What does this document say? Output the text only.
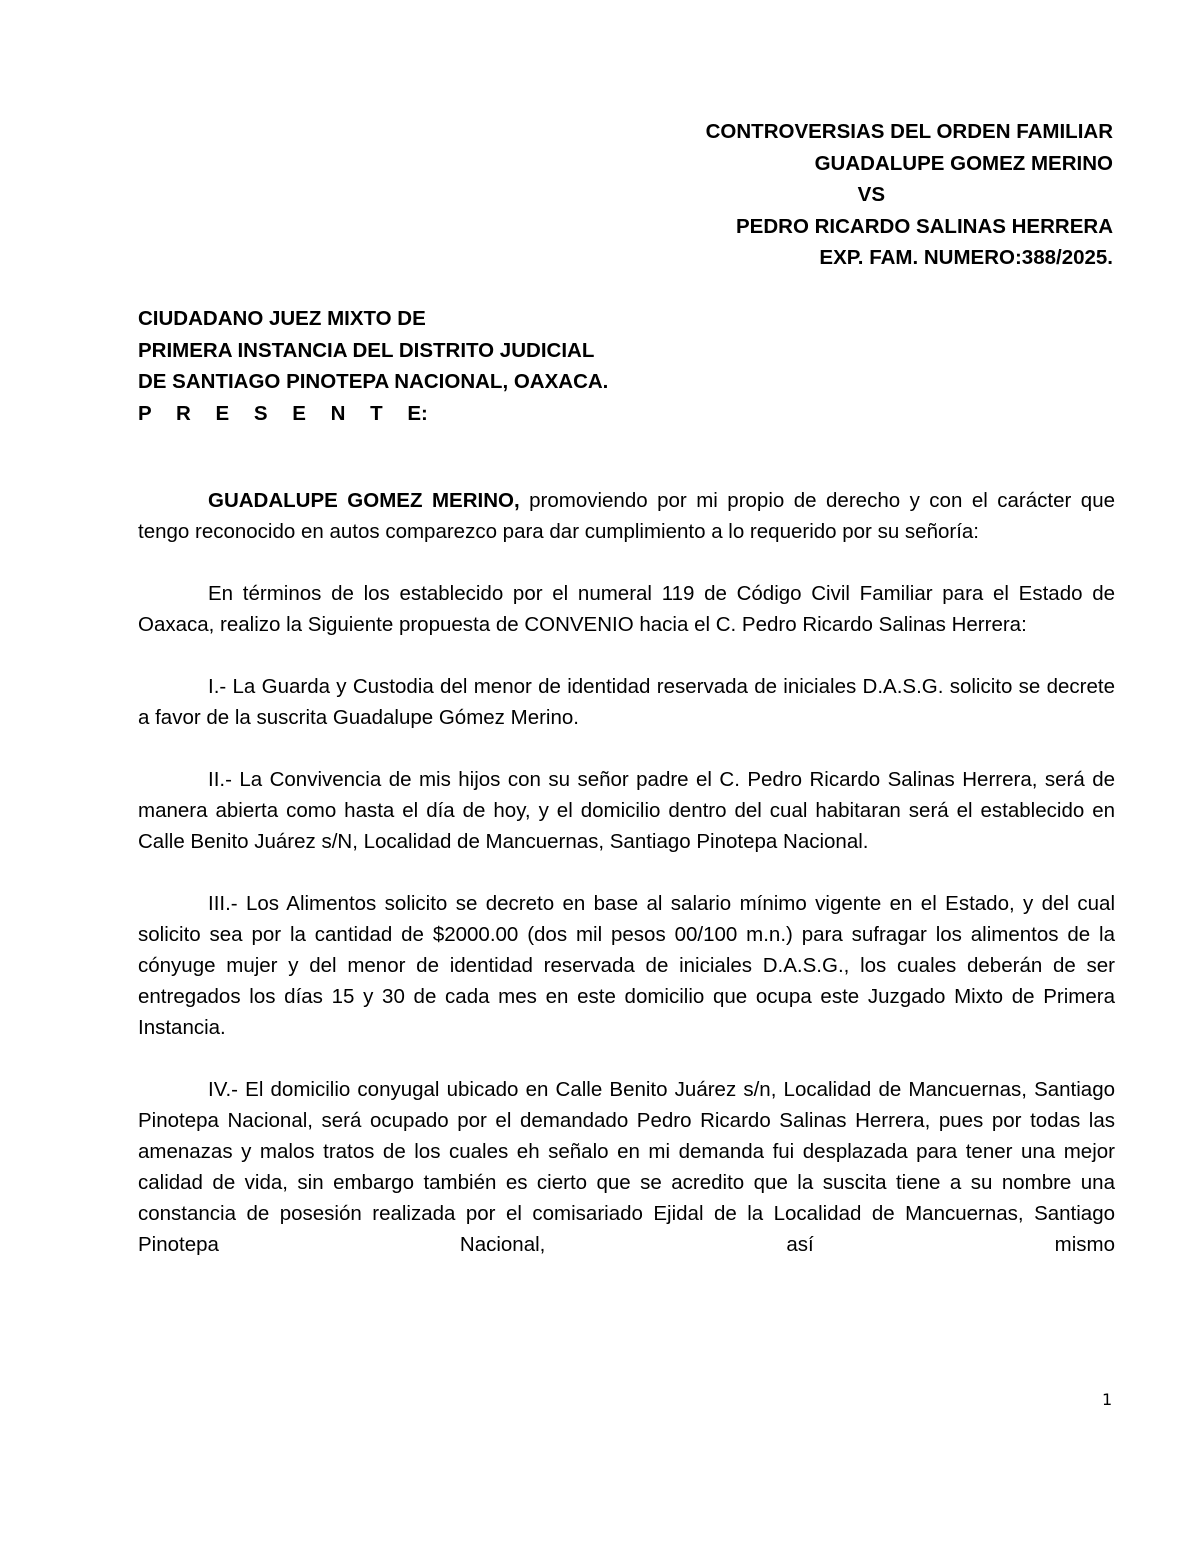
CONTROVERSIAS DEL ORDEN FAMILIAR
GUADALUPE GOMEZ MERINO
VS
PEDRO RICARDO SALINAS HERRERA
EXP. FAM. NUMERO:388/2025.
CIUDADANO JUEZ MIXTO DE
PRIMERA INSTANCIA DEL DISTRITO JUDICIAL
DE SANTIAGO PINOTEPA NACIONAL, OAXACA.
P R E S E N T E:

GUADALUPE GOMEZ MERINO, promoviendo por mi propio de derecho y con el carácter que tengo reconocido en autos comparezco para dar cumplimiento a lo requerido por su señoría:

En términos de los establecido por el numeral 119 de Código Civil Familiar para el Estado de Oaxaca, realizo la Siguiente propuesta de CONVENIO hacia el C. Pedro Ricardo Salinas Herrera:

I.- La Guarda y Custodia del menor de identidad reservada de iniciales D.A.S.G. solicito se decrete a favor de la suscrita Guadalupe Gómez Merino.

II.- La Convivencia de mis hijos con su señor padre el C. Pedro Ricardo Salinas Herrera, será de manera abierta como hasta el día de hoy, y el domicilio dentro del cual habitaran será el establecido en Calle Benito Juárez s/N, Localidad de Mancuernas, Santiago Pinotepa Nacional.

III.- Los Alimentos solicito se decreto en base al salario mínimo vigente en el Estado, y del cual solicito sea por la cantidad de $2000.00 (dos mil pesos 00/100 m.n.) para sufragar los alimentos de la cónyuge mujer y del menor de identidad reservada de iniciales D.A.S.G., los cuales deberán de ser entregados los días 15 y 30 de cada mes en este domicilio que ocupa este Juzgado Mixto de Primera Instancia.

IV.- El domicilio conyugal ubicado en Calle Benito Juárez s/n, Localidad de Mancuernas, Santiago Pinotepa Nacional, será ocupado por el demandado Pedro Ricardo Salinas Herrera, pues por todas las amenazas y malos tratos de los cuales eh señalo en mi demanda fui desplazada para tener una mejor calidad de vida, sin embargo también es cierto que se acredito que la suscita tiene a su nombre una constancia de posesión realizada por el comisariado Ejidal de la Localidad de Mancuernas, Santiago Pinotepa Nacional, así mismo

1
